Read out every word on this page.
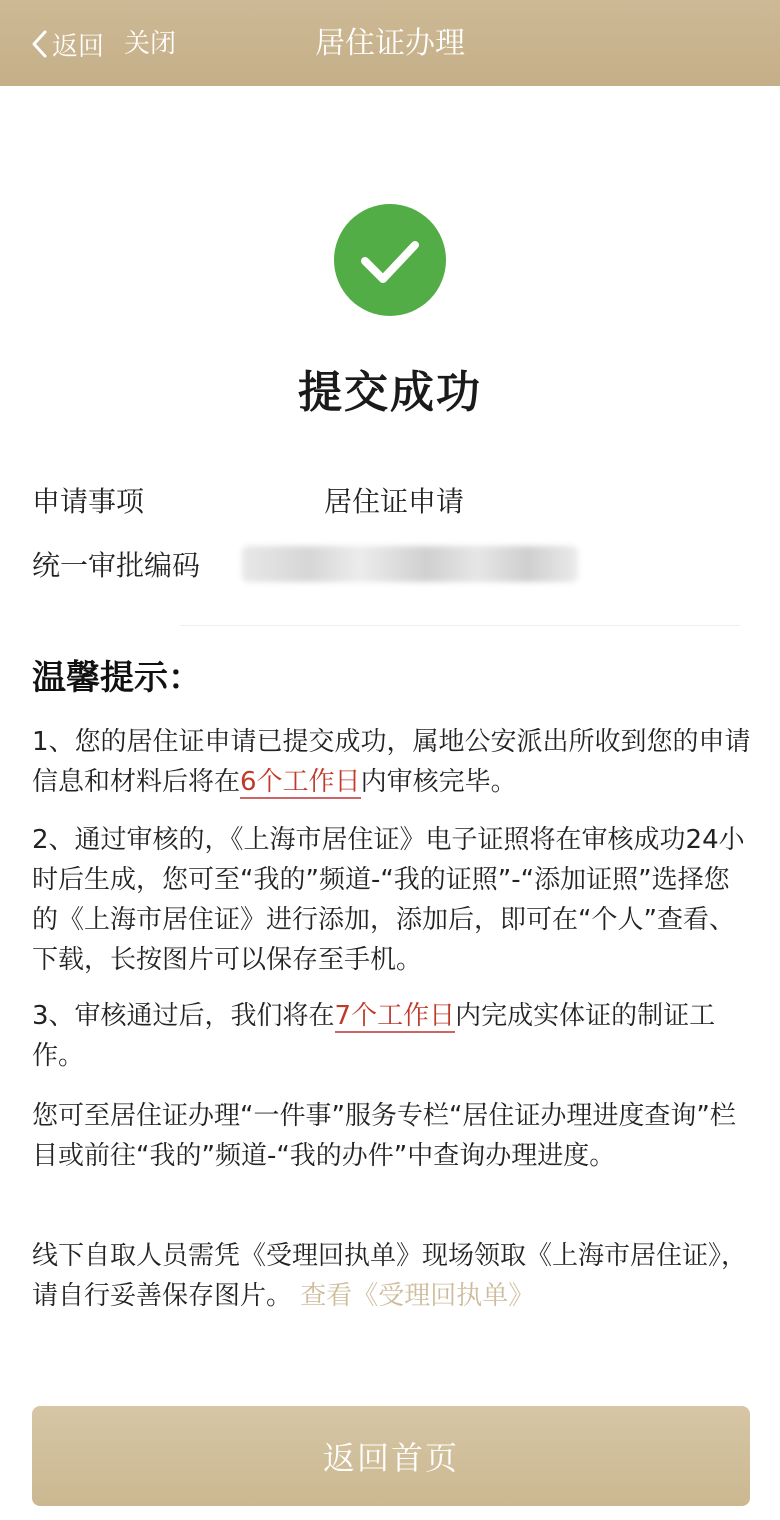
返回 关闭	居住证办理
提交成功
申请事项	居住证申请
统一审批编码
温馨提示：
1、您的居住证申请已提交成功，属地公安派出所收到您的申请信息和材料后将在6个工作日内审核完毕。
2、通过审核的，《上海市居住证》电子证照将在审核成功24小时后生成，您可至“我的”频道-“我的证照”-“添加证照”选择您的《上海市居住证》进行添加，添加后，即可在“个人”查看、下载，长按图片可以保存至手机。
3、审核通过后，我们将在7个工作日内完成实体证的制证工作。
您可至居住证办理“一件事”服务专栏“居住证办理进度查询”栏目或前往“我的”频道-“我的办件”中查询办理进度。
线下自取人员需凭《受理回执单》现场领取《上海市居住证》，请自行妥善保存图片。 查看《受理回执单》
返回首页
